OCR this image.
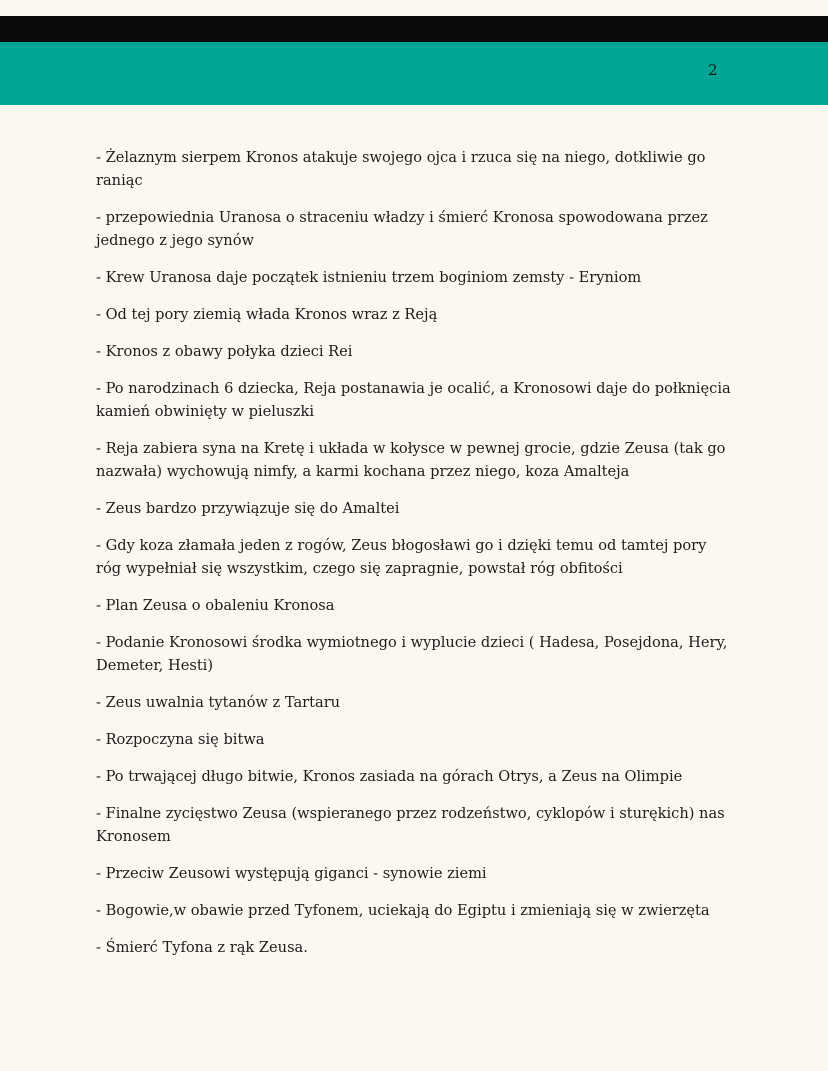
2

- Żelaznym sierpem Kronos atakuje swojego ojca i rzuca się na niego, dotkliwie go raniąc

- przepowiednia Uranosa o straceniu władzy i śmierć Kronosa spowodowana przez jednego z jego synów

- Krew Uranosa daje początek istnieniu trzem boginiom zemsty - Eryniom

- Od tej pory ziemią włada Kronos wraz z Reją

- Kronos z obawy połyka dzieci Rei

- Po narodzinach 6 dziecka, Reja postanawia je ocalić, a Kronosowi daje do połknięcia kamień obwinięty w pieluszki

- Reja zabiera syna na Kretę i układa w kołysce w pewnej grocie, gdzie Zeusa (tak go nazwała) wychowują nimfy, a karmi kochana przez niego, koza Amalteja

- Zeus bardzo przywiązuje się do Amaltei

- Gdy koza złamała jeden z rogów, Zeus błogosławi go i dzięki temu od tamtej pory róg wypełniał się wszystkim, czego się zapragnie, powstał róg obfitości

- Plan Zeusa o obaleniu Kronosa

- Podanie Kronosowi środka wymiotnego i wyplucie dzieci ( Hadesa, Posejdona, Hery, Demeter, Hesti)

- Zeus uwalnia tytanów z Tartaru

- Rozpoczyna się bitwa

- Po trwającej długo bitwie, Kronos zasiada na górach Otrys, a Zeus na Olimpie

- Finalne zycięstwo Zeusa (wspieranego przez rodzeństwo, cyklopów i sturękich) nas Kronosem

- Przeciw Zeusowi występują giganci - synowie ziemi

- Bogowie,w obawie przed Tyfonem, uciekają do Egiptu i zmieniają się w zwierzęta

- Śmierć Tyfona z rąk Zeusa.
